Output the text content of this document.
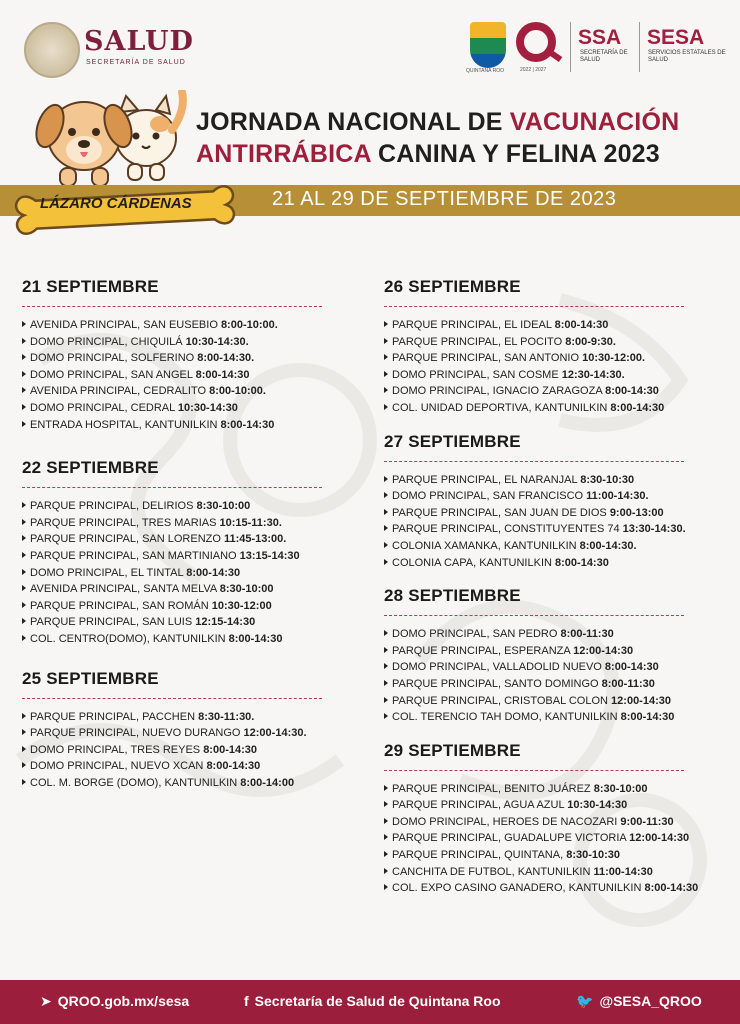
SALUD
SECRETARÍA DE SALUD
QUINTANA ROO	2022 | 2027
SSA
SECRETARÍA DE SALUD
SESA
SERVICIOS ESTATALES DE SALUD
JORNADA NACIONAL DE VACUNACIÓN
ANTIRRÁBICA CANINA Y FELINA 2023
21 AL 29 DE SEPTIEMBRE DE 2023
LÁZARO CÁRDENAS
21 SEPTIEMBRE
AVENIDA PRINCIPAL, SAN EUSEBIO 8:00-10:00.
DOMO PRINCIPAL, CHIQUILÁ 10:30-14:30.
DOMO PRINCIPAL, SOLFERINO 8:00-14:30.
DOMO PRINCIPAL, SAN ANGEL 8:00-14:30
AVENIDA PRINCIPAL, CEDRALITO 8:00-10:00.
DOMO PRINCIPAL, CEDRAL 10:30-14:30
ENTRADA HOSPITAL, KANTUNILKIN 8:00-14:30
22 SEPTIEMBRE
PARQUE PRINCIPAL, DELIRIOS 8:30-10:00
PARQUE PRINCIPAL, TRES MARIAS 10:15-11:30.
PARQUE PRINCIPAL, SAN LORENZO 11:45-13:00.
PARQUE PRINCIPAL, SAN MARTINIANO 13:15-14:30
DOMO PRINCIPAL, EL TINTAL 8:00-14:30
AVENIDA PRINCIPAL, SANTA MELVA 8:30-10:00
PARQUE PRINCIPAL, SAN ROMÁN 10:30-12:00
PARQUE PRINCIPAL, SAN LUIS 12:15-14:30
COL. CENTRO(DOMO), KANTUNILKIN 8:00-14:30
25 SEPTIEMBRE
PARQUE PRINCIPAL, PACCHEN 8:30-11:30.
PARQUE PRINCIPAL, NUEVO DURANGO 12:00-14:30.
DOMO PRINCIPAL, TRES REYES 8:00-14:30
DOMO PRINCIPAL, NUEVO XCAN 8:00-14:30
COL. M. BORGE (DOMO), KANTUNILKIN 8:00-14:00
26 SEPTIEMBRE
PARQUE PRINCIPAL, EL IDEAL 8:00-14:30
PARQUE PRINCIPAL, EL POCITO 8:00-9:30.
PARQUE PRINCIPAL, SAN ANTONIO 10:30-12:00.
DOMO PRINCIPAL, SAN COSME 12:30-14:30.
DOMO PRINCIPAL, IGNACIO ZARAGOZA 8:00-14:30
COL. UNIDAD DEPORTIVA, KANTUNILKIN 8:00-14:30
27 SEPTIEMBRE
PARQUE PRINCIPAL, EL NARANJAL 8:30-10:30
DOMO PRINCIPAL, SAN FRANCISCO 11:00-14:30.
PARQUE PRINCIPAL, SAN JUAN DE DIOS 9:00-13:00
PARQUE PRINCIPAL, CONSTITUYENTES 74 13:30-14:30.
COLONIA XAMANKA, KANTUNILKIN 8:00-14:30.
COLONIA CAPA, KANTUNILKIN 8:00-14:30
28 SEPTIEMBRE
DOMO PRINCIPAL, SAN PEDRO 8:00-11:30
PARQUE PRINCIPAL, ESPERANZA 12:00-14:30
DOMO PRINCIPAL, VALLADOLID NUEVO 8:00-14:30
PARQUE PRINCIPAL, SANTO DOMINGO 8:00-11:30
PARQUE PRINCIPAL, CRISTOBAL COLON 12:00-14:30
COL. TERENCIO TAH DOMO, KANTUNILKIN 8:00-14:30
29 SEPTIEMBRE
PARQUE PRINCIPAL, BENITO JUÁREZ 8:30-10:00
PARQUE PRINCIPAL, AGUA AZUL 10:30-14:30
DOMO PRINCIPAL, HEROES DE NACOZARI 9:00-11:30
PARQUE PRINCIPAL, GUADALUPE VICTORIA 12:00-14:30
PARQUE PRINCIPAL, QUINTANA, 8:30-10:30
CANCHITA DE FUTBOL, KANTUNILKIN 11:00-14:30
COL. EXPO CASINO GANADERO, KANTUNILKIN 8:00-14:30
➤ QROO.gob.mx/sesa	f Secretaría de Salud de Quintana Roo	🐦 @SESA_QROO
